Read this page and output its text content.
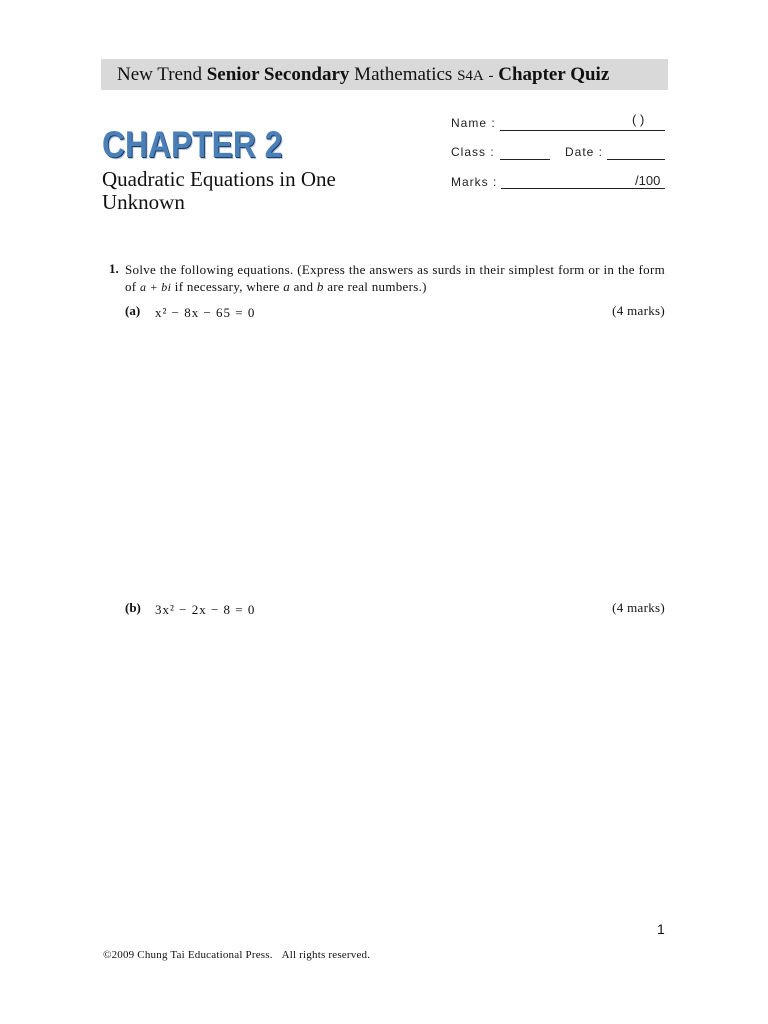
New Trend Senior Secondary Mathematics S4A - Chapter Quiz
CHAPTER 2
Quadratic Equations in One Unknown
Name :	( )
Class :	Date :
Marks :	/100
1. Solve the following equations. (Express the answers as surds in their simplest form or in the form of a + bi if necessary, where a and b are real numbers.)
(a) x² − 8x − 65 = 0	(4 marks)
(b) 3x² − 2x − 8 = 0	(4 marks)
1
©2009 Chung Tai Educational Press. All rights reserved.
